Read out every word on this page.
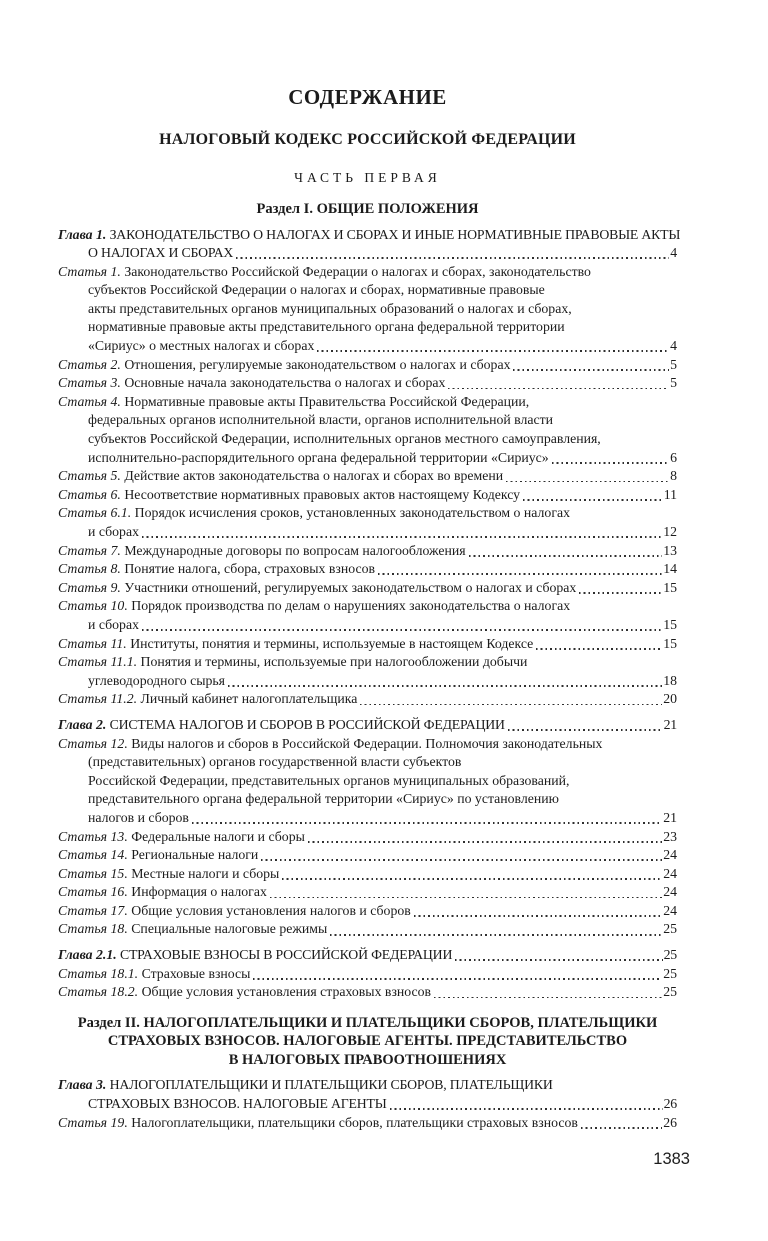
СОДЕРЖАНИЕ
НАЛОГОВЫЙ КОДЕКС РОССИЙСКОЙ ФЕДЕРАЦИИ
ЧАСТЬ ПЕРВАЯ
Раздел I. ОБЩИЕ ПОЛОЖЕНИЯ
Глава 1. ЗАКОНОДАТЕЛЬСТВО О НАЛОГАХ И СБОРАХ И ИНЫЕ НОРМАТИВНЫЕ ПРАВОВЫЕ АКТЫ
О НАЛОГАХ И СБОРАХ	4
Статья 1. Законодательство Российской Федерации о налогах и сборах, законодательство
субъектов Российской Федерации о налогах и сборах, нормативные правовые
акты представительных органов муниципальных образований о налогах и сборах,
нормативные правовые акты представительного органа федеральной территории
«Сириус» о местных налогах и сборах	4
Статья 2. Отношения, регулируемые законодательством о налогах и сборах	5
Статья 3. Основные начала законодательства о налогах и сборах	5
Статья 4. Нормативные правовые акты Правительства Российской Федерации,
федеральных органов исполнительной власти, органов исполнительной власти
субъектов Российской Федерации, исполнительных органов местного самоуправления,
исполнительно-распорядительного органа федеральной территории «Сириус»	6
Статья 5. Действие актов законодательства о налогах и сборах во времени	8
Статья 6. Несоответствие нормативных правовых актов настоящему Кодексу	11
Статья 6.1. Порядок исчисления сроков, установленных законодательством о налогах
и сборах	12
Статья 7. Международные договоры по вопросам налогообложения	13
Статья 8. Понятие налога, сбора, страховых взносов	14
Статья 9. Участники отношений, регулируемых законодательством о налогах и сборах	15
Статья 10. Порядок производства по делам о нарушениях законодательства о налогах
и сборах	15
Статья 11. Институты, понятия и термины, используемые в настоящем Кодексе	15
Статья 11.1. Понятия и термины, используемые при налогообложении добычи
углеводородного сырья	18
Статья 11.2. Личный кабинет налогоплательщика	20
Глава 2. СИСТЕМА НАЛОГОВ И СБОРОВ В РОССИЙСКОЙ ФЕДЕРАЦИИ	21
Статья 12. Виды налогов и сборов в Российской Федерации. Полномочия законодательных
(представительных) органов государственной власти субъектов
Российской Федерации, представительных органов муниципальных образований,
представительного органа федеральной территории «Сириус» по установлению
налогов и сборов	21
Статья 13. Федеральные налоги и сборы	23
Статья 14. Региональные налоги	24
Статья 15. Местные налоги и сборы	24
Статья 16. Информация о налогах	24
Статья 17. Общие условия установления налогов и сборов	24
Статья 18. Специальные налоговые режимы	25
Глава 2.1. СТРАХОВЫЕ ВЗНОСЫ В РОССИЙСКОЙ ФЕДЕРАЦИИ	25
Статья 18.1. Страховые взносы	25
Статья 18.2. Общие условия установления страховых взносов	25
Раздел II. НАЛОГОПЛАТЕЛЬЩИКИ И ПЛАТЕЛЬЩИКИ СБОРОВ, ПЛАТЕЛЬЩИКИ
СТРАХОВЫХ ВЗНОСОВ. НАЛОГОВЫЕ АГЕНТЫ. ПРЕДСТАВИТЕЛЬСТВО
В НАЛОГОВЫХ ПРАВООТНОШЕНИЯХ
Глава 3. НАЛОГОПЛАТЕЛЬЩИКИ И ПЛАТЕЛЬЩИКИ СБОРОВ, ПЛАТЕЛЬЩИКИ
СТРАХОВЫХ ВЗНОСОВ. НАЛОГОВЫЕ АГЕНТЫ	26
Статья 19. Налогоплательщики, плательщики сборов, плательщики страховых взносов	26
1383
